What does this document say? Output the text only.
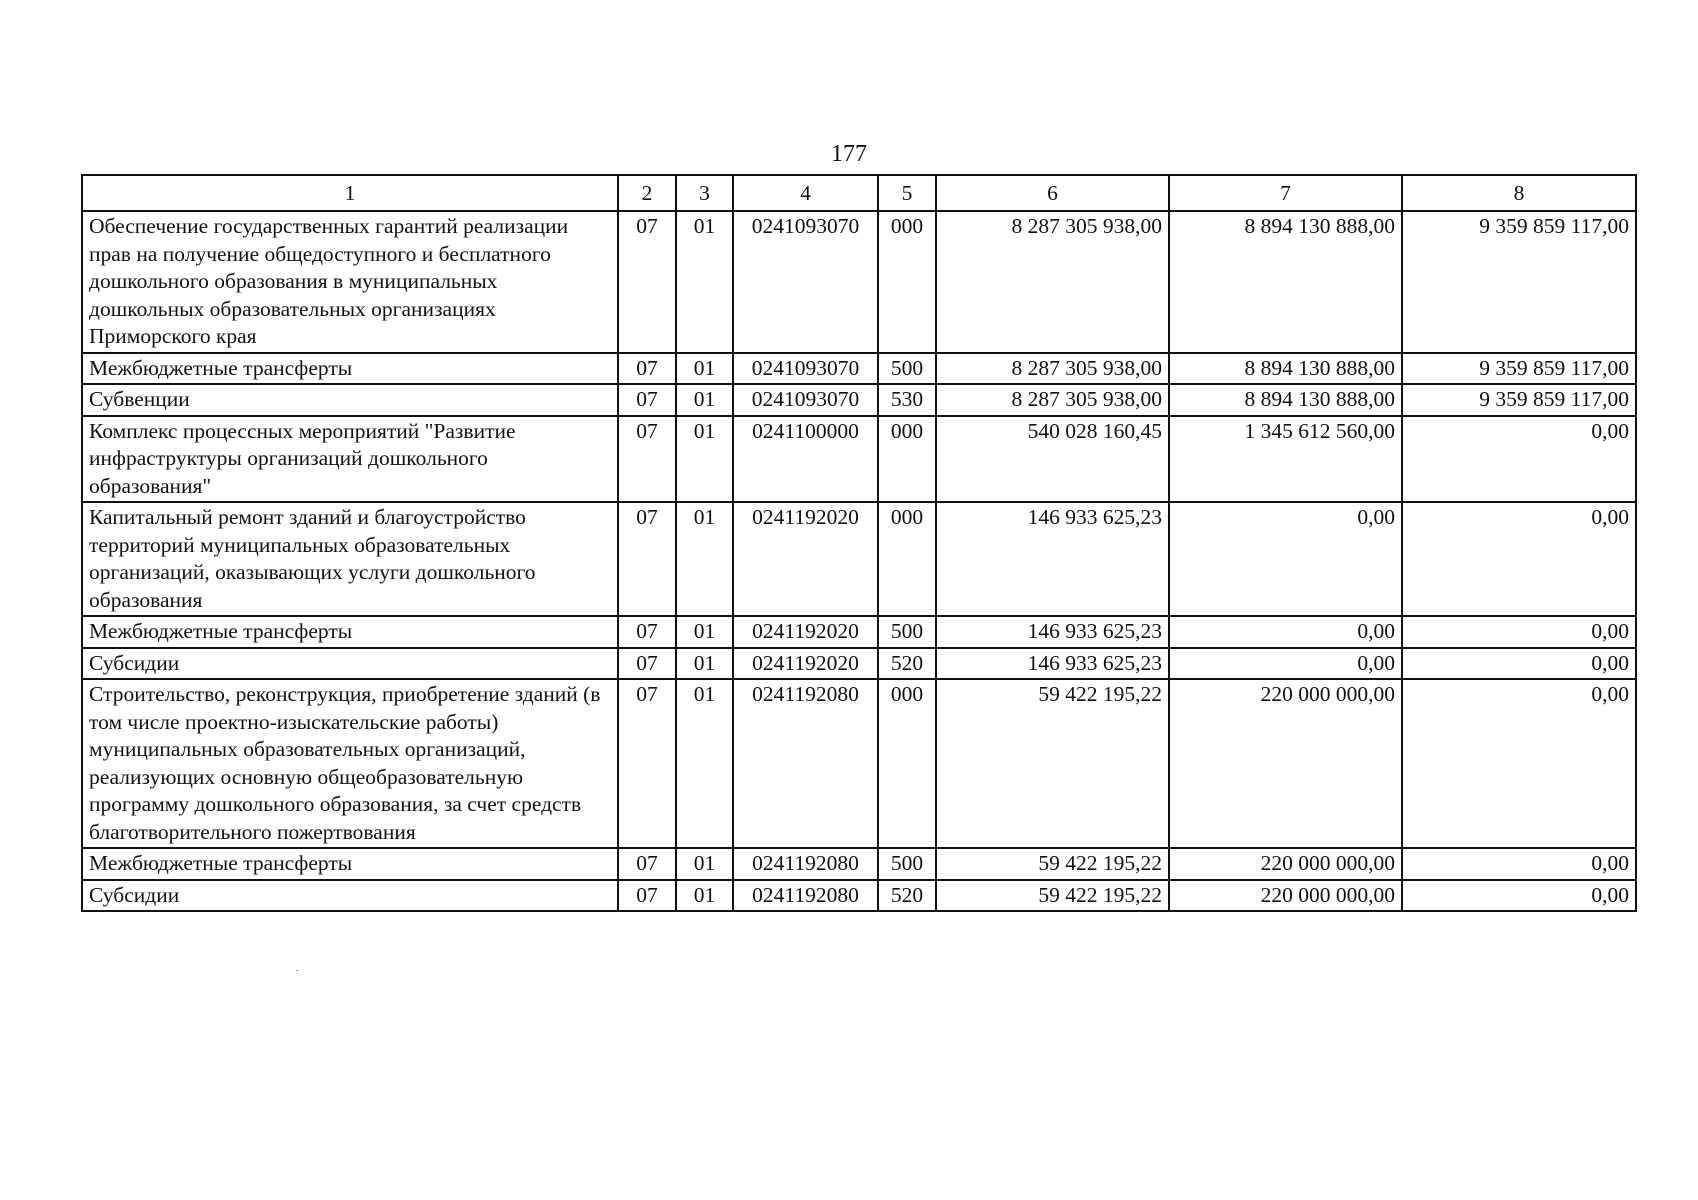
177
1	2	3	4	5	6	7	8
Обеспечение государственных гарантий реализации прав на получение общедоступного и бесплатного дошкольного образования в муниципальных дошкольных образовательных организациях Приморского края	07	01	0241093070	000	8 287 305 938,00	8 894 130 888,00	9 359 859 117,00
Межбюджетные трансферты	07	01	0241093070	500	8 287 305 938,00	8 894 130 888,00	9 359 859 117,00
Субвенции	07	01	0241093070	530	8 287 305 938,00	8 894 130 888,00	9 359 859 117,00
Комплекс процессных мероприятий "Развитие инфраструктуры организаций дошкольного образования"	07	01	0241100000	000	540 028 160,45	1 345 612 560,00	0,00
Капитальный ремонт зданий и благоустройство территорий муниципальных образовательных организаций, оказывающих услуги дошкольного образования	07	01	0241192020	000	146 933 625,23	0,00	0,00
Межбюджетные трансферты	07	01	0241192020	500	146 933 625,23	0,00	0,00
Субсидии	07	01	0241192020	520	146 933 625,23	0,00	0,00
Строительство, реконструкция, приобретение зданий (в том числе проектно-изыскательские работы) муниципальных образовательных организаций, реализующих основную общеобразовательную программу дошкольного образования, за счет средств благотворительного пожертвования	07	01	0241192080	000	59 422 195,22	220 000 000,00	0,00
Межбюджетные трансферты	07	01	0241192080	500	59 422 195,22	220 000 000,00	0,00
Субсидии	07	01	0241192080	520	59 422 195,22	220 000 000,00	0,00
